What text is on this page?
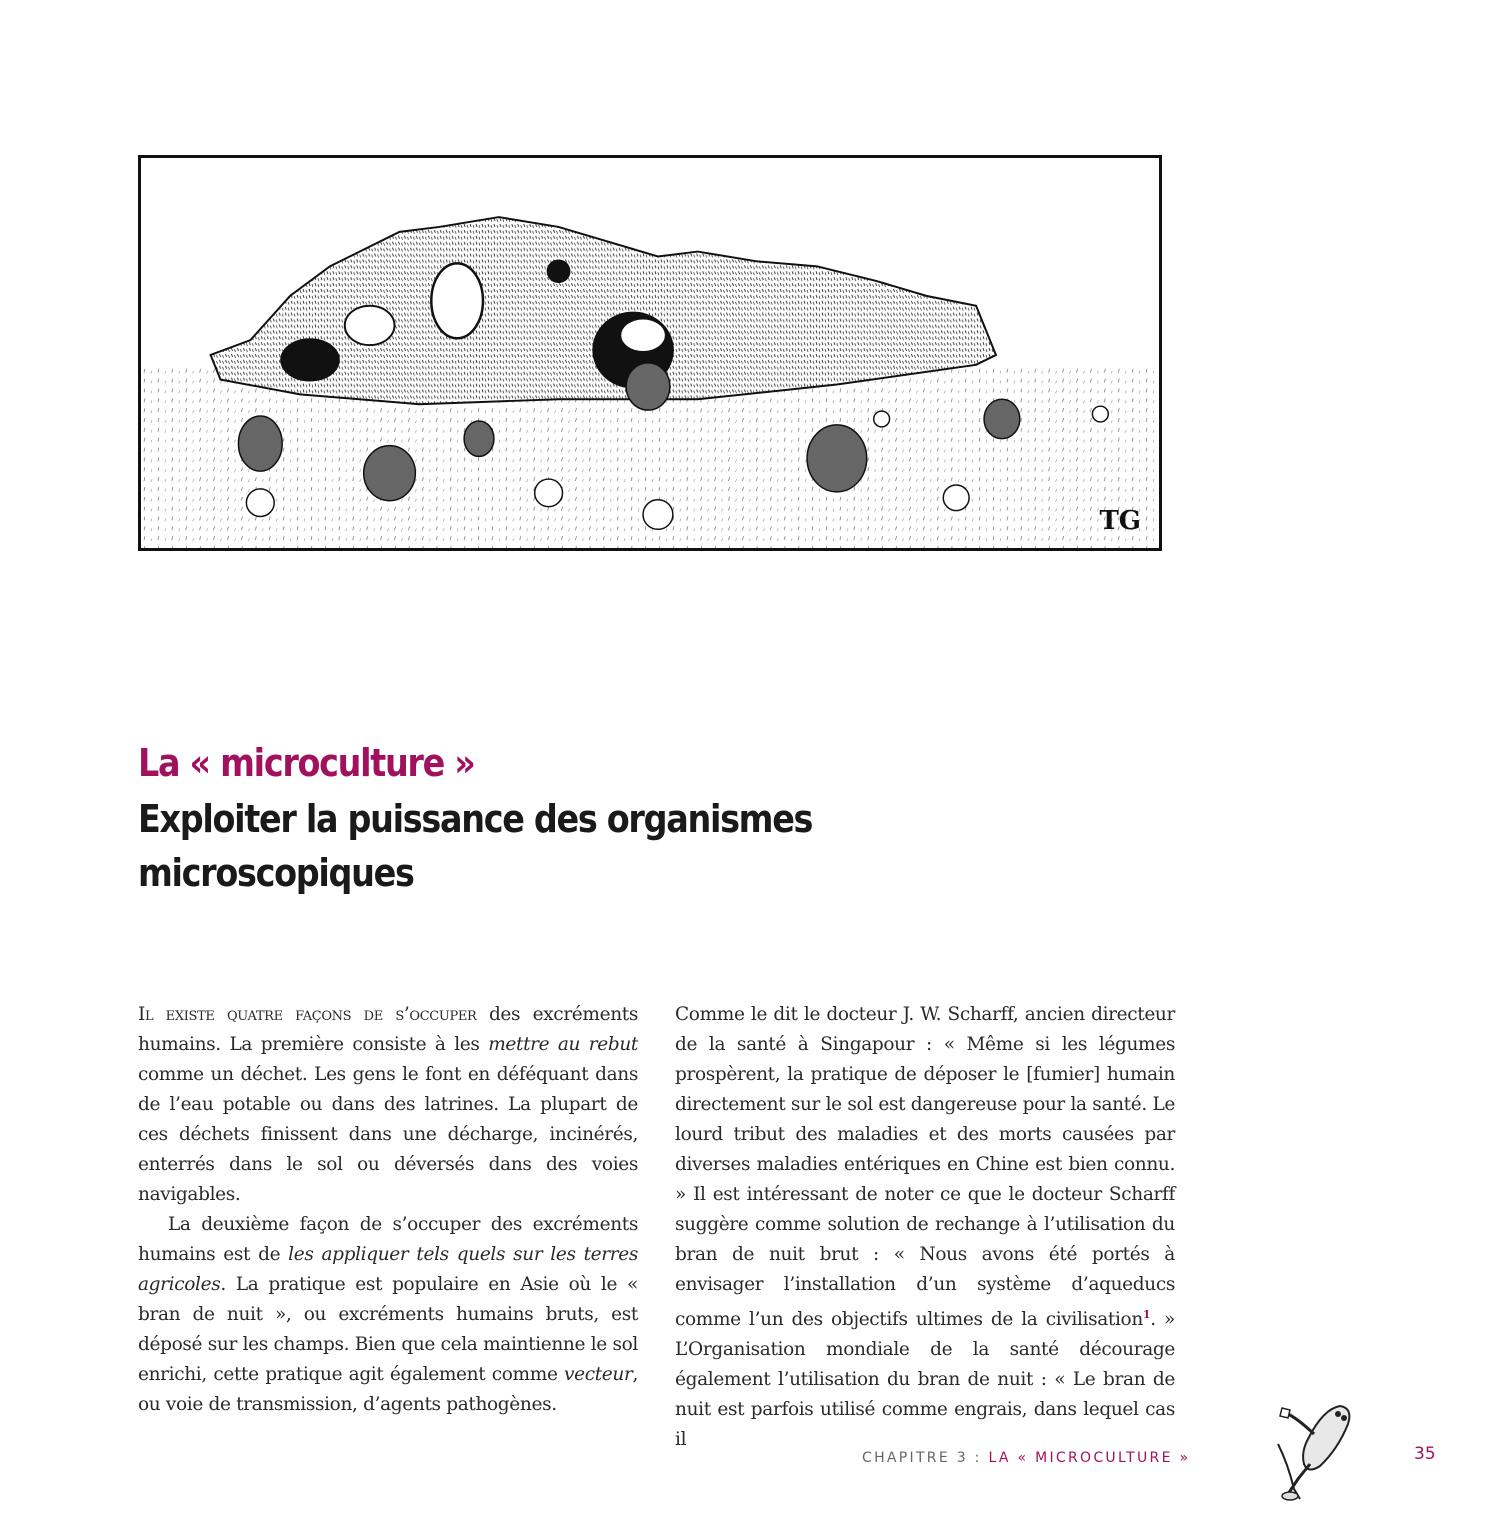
TG
La « microculture »
Exploiter la puissance des organismes microscopiques

Il existe quatre façons de s’occuper des excréments humains. La première consiste à les mettre au rebut comme un déchet. Les gens le font en déféquant dans de l’eau potable ou dans des latrines. La plupart de ces déchets finissent dans une décharge, incinérés, enterrés dans le sol ou déversés dans des voies navigables.

La deuxième façon de s’occuper des excréments humains est de les appliquer tels quels sur les terres agricoles. La pratique est populaire en Asie où le « bran de nuit », ou excréments humains bruts, est déposé sur les champs. Bien que cela maintienne le sol enrichi, cette pratique agit également comme vecteur, ou voie de transmission, d’agents pathogènes.

Comme le dit le docteur J. W. Scharff, ancien directeur de la santé à Singapour : « Même si les légumes prospèrent, la pratique de déposer le [fumier] humain directement sur le sol est dangereuse pour la santé. Le lourd tribut des maladies et des morts causées par diverses maladies entériques en Chine est bien connu. » Il est intéressant de noter ce que le docteur Scharff suggère comme solution de rechange à l’utilisation du bran de nuit brut : « Nous avons été portés à envisager l’installation d’un système d’aqueducs comme l’un des objectifs ultimes de la civilisation$^1$. » L’Organisation mondiale de la santé décourage également l’utilisation du bran de nuit : « Le bran de nuit est parfois utilisé comme engrais, dans lequel cas il

CHAPITRE 3 : LA « MICROCULTURE »	35
